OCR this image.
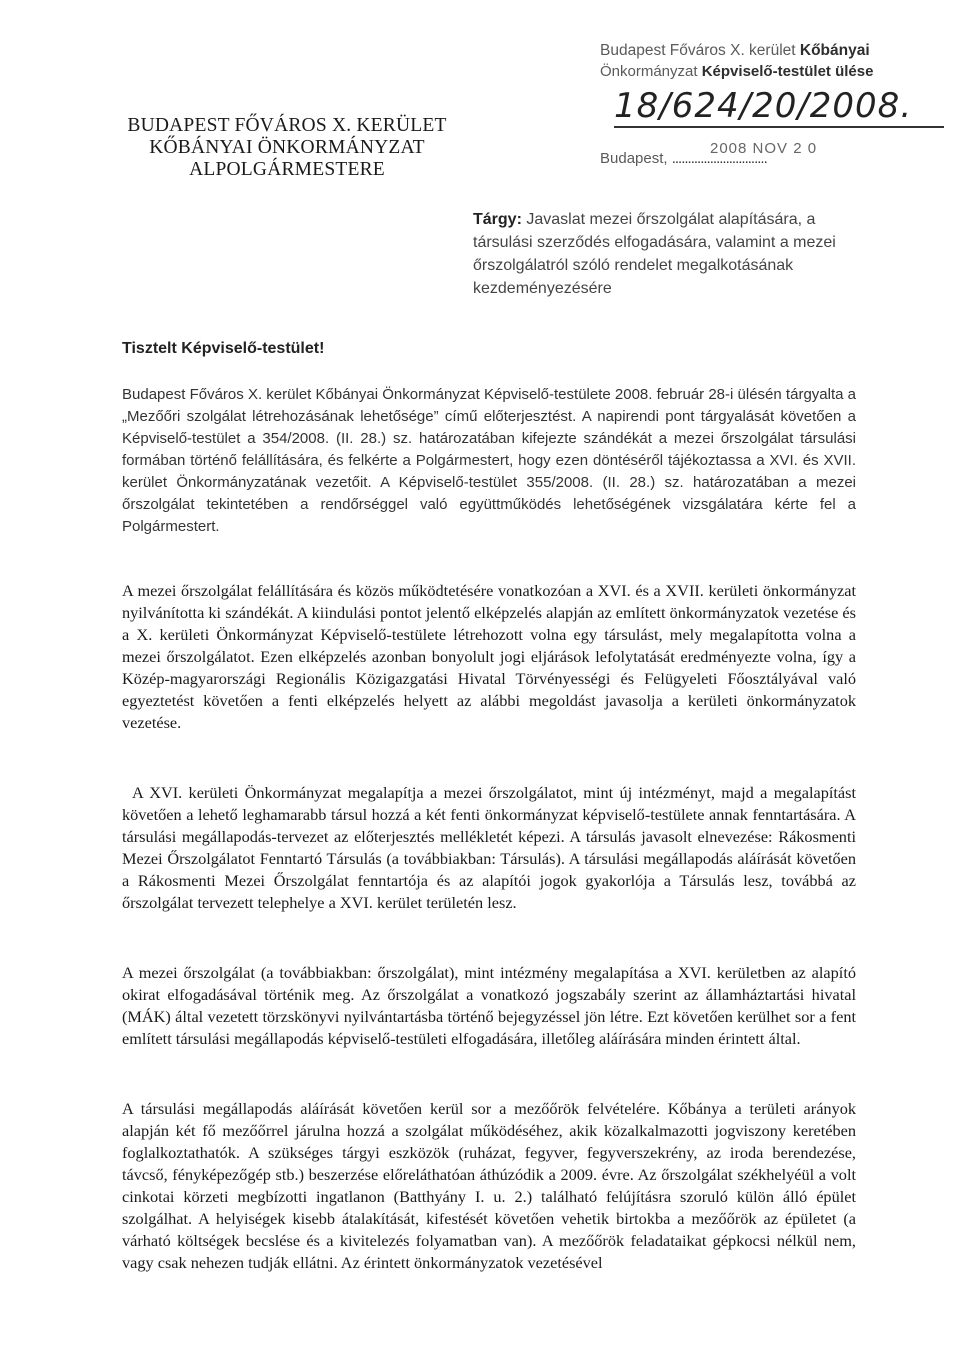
BUDAPEST FŐVÁROS X. KERÜLET
KŐBÁNYAI ÖNKORMÁNYZAT
ALPOLGÁRMESTERE
Budapest Főváros X. kerület Kőbányai
Önkormányzat Képviselő-testület ülése
18/624/20/2008.
Budapest, ..............................
2008 NOV 2 0
Tárgy: Javaslat mezei őrszolgálat alapítására, a társulási szerződés elfogadására, valamint a mezei őrszolgálatról szóló rendelet megalkotásának kezdeményezésére
Tisztelt Képviselő-testület!

Budapest Főváros X. kerület Kőbányai Önkormányzat Képviselő-testülete 2008. február 28-i ülésén tárgyalta a „Mezőőri szolgálat létrehozásának lehetősége” című előterjesztést. A napirendi pont tárgyalását követően a Képviselő-testület a 354/2008. (II. 28.) sz. határozatában kifejezte szándékát a mezei őrszolgálat társulási formában történő felállítására, és felkérte a Polgármestert, hogy ezen döntéséről tájékoztassa a XVI. és XVII. kerület Önkormányzatának vezetőit. A Képviselő-testület 355/2008. (II. 28.) sz. határozatában a mezei őrszolgálat tekintetében a rendőrséggel való együttműködés lehetőségének vizsgálatára kérte fel a Polgármestert.

A mezei őrszolgálat felállítására és közös működtetésére vonatkozóan a XVI. és a XVII. kerületi önkormányzat nyilvánította ki szándékát. A kiindulási pontot jelentő elképzelés alapján az említett önkormányzatok vezetése és a X. kerületi Önkormányzat Képviselő-testülete létrehozott volna egy társulást, mely megalapította volna a mezei őrszolgálatot. Ezen elképzelés azonban bonyolult jogi eljárások lefolytatását eredményezte volna, így a Közép-magyarországi Regionális Közigazgatási Hivatal Törvényességi és Felügyeleti Főosztályával való egyeztetést követően a fenti elképzelés helyett az alábbi megoldást javasolja a kerületi önkormányzatok vezetése.

A XVI. kerületi Önkormányzat megalapítja a mezei őrszolgálatot, mint új intézményt, majd a megalapítást követően a lehető leghamarabb társul hozzá a két fenti önkormányzat képviselő-testülete annak fenntartására. A társulási megállapodás-tervezet az előterjesztés mellékletét képezi. A társulás javasolt elnevezése: Rákosmenti Mezei Őrszolgálatot Fenntartó Társulás (a továbbiakban: Társulás). A társulási megállapodás aláírását követően a Rákosmenti Mezei Őrszolgálat fenntartója és az alapítói jogok gyakorlója a Társulás lesz, továbbá az őrszolgálat tervezett telephelye a XVI. kerület területén lesz.

A mezei őrszolgálat (a továbbiakban: őrszolgálat), mint intézmény megalapítása a XVI. kerületben az alapító okirat elfogadásával történik meg. Az őrszolgálat a vonatkozó jogszabály szerint az államháztartási hivatal (MÁK) által vezetett törzskönyvi nyilvántartásba történő bejegyzéssel jön létre. Ezt követően kerülhet sor a fent említett társulási megállapodás képviselő-testületi elfogadására, illetőleg aláírására minden érintett által.

A társulási megállapodás aláírását követően kerül sor a mezőőrök felvételére. Kőbánya a területi arányok alapján két fő mezőőrrel járulna hozzá a szolgálat működéséhez, akik közalkalmazotti jogviszony keretében foglalkoztathatók. A szükséges tárgyi eszközök (ruházat, fegyver, fegyverszekrény, az iroda berendezése, távcső, fényképezőgép stb.) beszerzése előreláthatóan áthúzódik a 2009. évre. Az őrszolgálat székhelyéül a volt cinkotai körzeti megbízotti ingatlanon (Batthyány I. u. 2.) található felújításra szoruló külön álló épület szolgálhat. A helyiségek kisebb átalakítását, kifestését követően vehetik birtokba a mezőőrök az épületet (a várható költségek becslése és a kivitelezés folyamatban van). A mezőőrök feladataikat gépkocsi nélkül nem, vagy csak nehezen tudják ellátni. Az érintett önkormányzatok vezetésével
